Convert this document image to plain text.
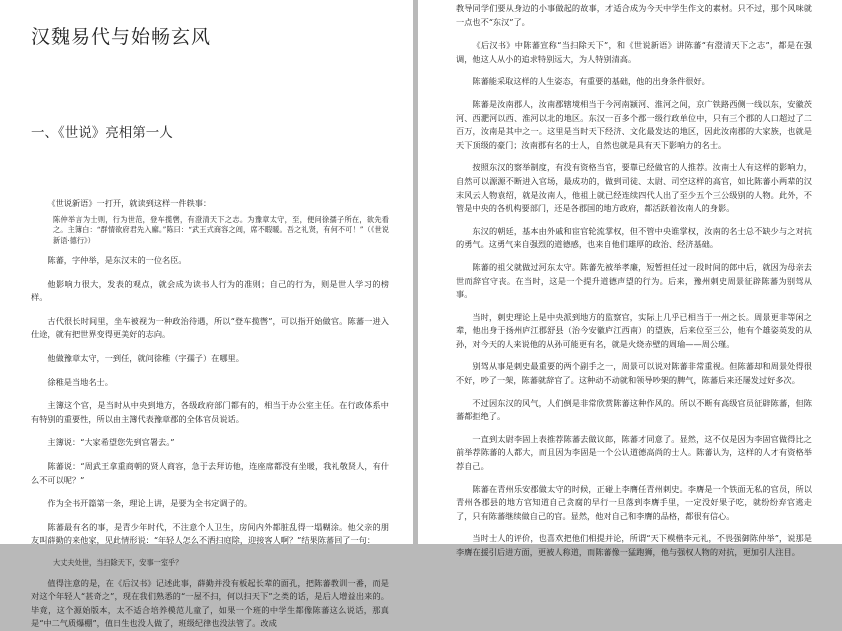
汉魏易代与始畅玄风
一、《世说》亮相第一人

《世说新语》一打开，就读到这样一件轶事：

陈仲举言为士则，行为世范，登车揽辔，有澄清天下之志。为豫章太守，至，便问徐孺子所在，欲先看之。主簿白：“群情欲府君先入廨。”陈曰：“武王式商容之闾，席不暇暖。吾之礼贤，有何不可！”（《世说新语·德行》）

陈蕃，字仲举，是东汉末的一位名臣。

他影响力很大，发表的观点，就会成为读书人行为的准则；自己的行为，则是世人学习的榜样。

古代很长时间里，坐车被视为一种政治待遇，所以“登车揽辔”，可以指开始做官。陈蕃一进入仕途，就有把世界变得更美好的志向。

他做豫章太守，一到任，就问徐稚（字孺子）在哪里。

徐稚是当地名士。

主簿这个官，是当时从中央到地方，各级政府部门都有的，相当于办公室主任。在行政体系中有特别的重要性，所以由主簿代表豫章郡的全体官员说话。

主簿说：“大家希望您先到官署去。”

陈蕃说：“周武王拿重商朝的贤人商容，急于去拜访他，连座席都没有坐暖，我礼敬贤人，有什么不可以呢？”

作为全书开篇第一条，理论上讲，是要为全书定调子的。

陈蕃最有名的事，是青少年时代，不注意个人卫生，房间内外都脏乱得一塌糊涂。他父亲的朋友叫薛勤的来他家，见此情形说：“年轻人怎么不洒扫庭除，迎接客人啊？”结果陈蕃回了一句：

大丈夫处世，当扫除天下，安事一室乎？

值得注意的是，在《后汉书》记述此事，薛勤并没有板起长辈的面孔，把陈蕃教训一番，而是对这个年轻人“甚奇之”，现在我们熟悉的“一屋不扫，何以扫天下”之类的话，是后人增益出来的。毕竟，这个源始版本，太不适合培养模范儿童了，如果一个班的中学生都像陈蕃这么说话，那真是“中二气质爆棚”，值日生也没人做了，班级纪律也没法管了。改成

教导同学们要从身边的小事做起的故事，才适合成为今天中学生作文的素材。只不过，那个风味就一点也不“东汉”了。

《后汉书》中陈蕃宣称“当扫除天下”，和《世说新语》讲陈蕃“有澄清天下之志”，都是在强调，他这人从小的追求特别远大，为人特别清高。

陈蕃能采取这样的人生姿态，有重要的基础，他的出身条件很好。

陈蕃是汝南郡人，汝南郡辖境相当于今河南颍河、淮河之间，京广铁路西侧一线以东，安徽茨河、西淝河以西、淮河以北的地区。东汉一百多个郡一级行政单位中，只有三个郡的人口超过了二百万，汝南是其中之一。这里是当时天下经济、文化最发达的地区，因此汝南郡的大家族，也就是天下顶级的豪门；汝南郡有名的士人，自然也就是具有天下影响力的名士。

按照东汉的察举制度，有没有资格当官，要靠已经做官的人推荐。汝南士人有这样的影响力，自然可以源源不断进入官场，最成功的，做到司徒、太尉、司空这样的高官，如比陈蕃小两辈的汉末风云人物袁绍，就是汝南人，他祖上就已经连续四代人出了至少五个三公级别的人物。此外，不管是中央的各机构要部门，还是各郡国的地方政府，都活跃着汝南人的身影。

东汉的朝廷，基本由外戚和宦官轮流掌权，但不管中央谁掌权，汝南的名士总不缺少与之对抗的勇气。这勇气来自强烈的道德感，也来自他们雄厚的政治、经济基础。

陈蕃的祖父就做过河东太守。陈蕃先被举孝廉，短暂担任过一段时间的郎中后，就因为母亲去世而辞官守丧。在当时，这是一个提升道德声望的行为。后来，豫州刺史周景征辟陈蕃为别驾从事。

当时，刺史理论上是中央派到地方的监察官，实际上几乎已相当于一州之长。周景更非等闲之辈，他出身于扬州庐江郡舒县（治今安徽庐江西南）的望族，后来位至三公，他有个雄姿英发的从孙，对今天的人来说他的从孙可能更有名，就是火烧赤壁的周瑜——周公瑾。

别驾从事是刺史最重要的两个副手之一，周景可以说对陈蕃非常重视。但陈蕃却和周景处得很不好，吵了一架，陈蕃就辞官了。这种动不动就和领导吵架的脾气，陈蕃后来还屡发过好多次。

不过因东汉的风气，人们倒是非常欣赏陈蕃这种作风的。所以不断有高级官员征辟陈蕃，但陈蕃都拒绝了。

一直到太尉李固上表推荐陈蕃去做议郎，陈蕃才同意了。显然，这不仅是因为李固官做得比之前举荐陈蕃的人都大，而且因为李固是一个公认道德高尚的士人。陈蕃认为，这样的人才有资格举荐自己。

陈蕃在青州乐安郡做太守的时候，正碰上李膺任青州刺史。李膺是一个铁面无私的官员，所以青州各郡县的地方官知道自己贪腐的早行一旦落到李膺手里，一定没好果子吃，就纷纷弃官逃走了，只有陈蕃继续做自己的官。显然，他对自己和李膺的品格，都很有信心。

当时士人的评价，也喜欢把他们相提并论，所谓“天下模楷李元礼，不畏强御陈仲举”，说那是李膺在援引后进方面，更被人称道，而陈蕃像一猛跑狮，他与强权人物的对抗，更加引人注目。
